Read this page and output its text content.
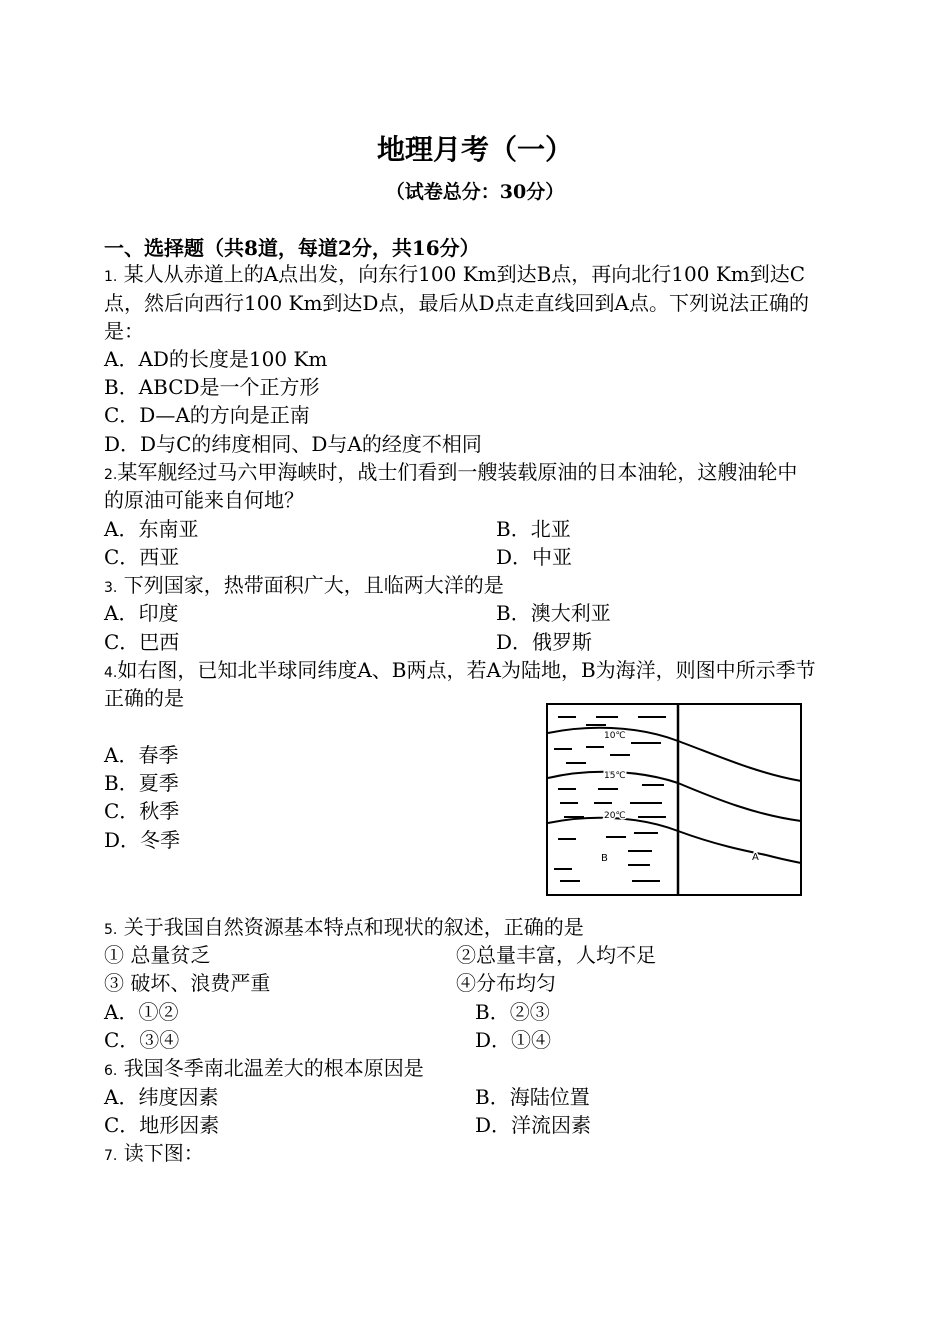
地理月考（一）
（试卷总分：30分）
一、选择题（共8道，每道2分，共16分）
1. 某人从赤道上的A点出发，向东行100 Km到达B点，再向北行100 Km到达C
点，然后向西行100 Km到达D点，最后从D点走直线回到A点。下列说法正确的
是：
A．AD的长度是100 Km
B．ABCD是一个正方形
C．D—A的方向是正南
D．D与C的纬度相同、D与A的经度不相同
2.某军舰经过马六甲海峡时，战士们看到一艘装载原油的日本油轮，这艘油轮中
的原油可能来自何地？
A．东南亚	B．北亚
C．西亚	D．中亚
3. 下列国家，热带面积广大，且临两大洋的是
A．印度	B．澳大利亚
C．巴西	D．俄罗斯
4.如右图，已知北半球同纬度A、B两点，若A为陆地，B为海洋，则图中所示季节
正确的是
A．春季
B．夏季
C．秋季
D．冬季
10℃
15℃
20℃
B	A
5. 关于我国自然资源基本特点和现状的叙述，正确的是
① 总量贫乏	②总量丰富，人均不足
③ 破坏、浪费严重	④分布均匀
A．①②	B．②③
C．③④	D．①④
6. 我国冬季南北温差大的根本原因是
A．纬度因素	B．海陆位置
C．地形因素	D．洋流因素
7. 读下图：
